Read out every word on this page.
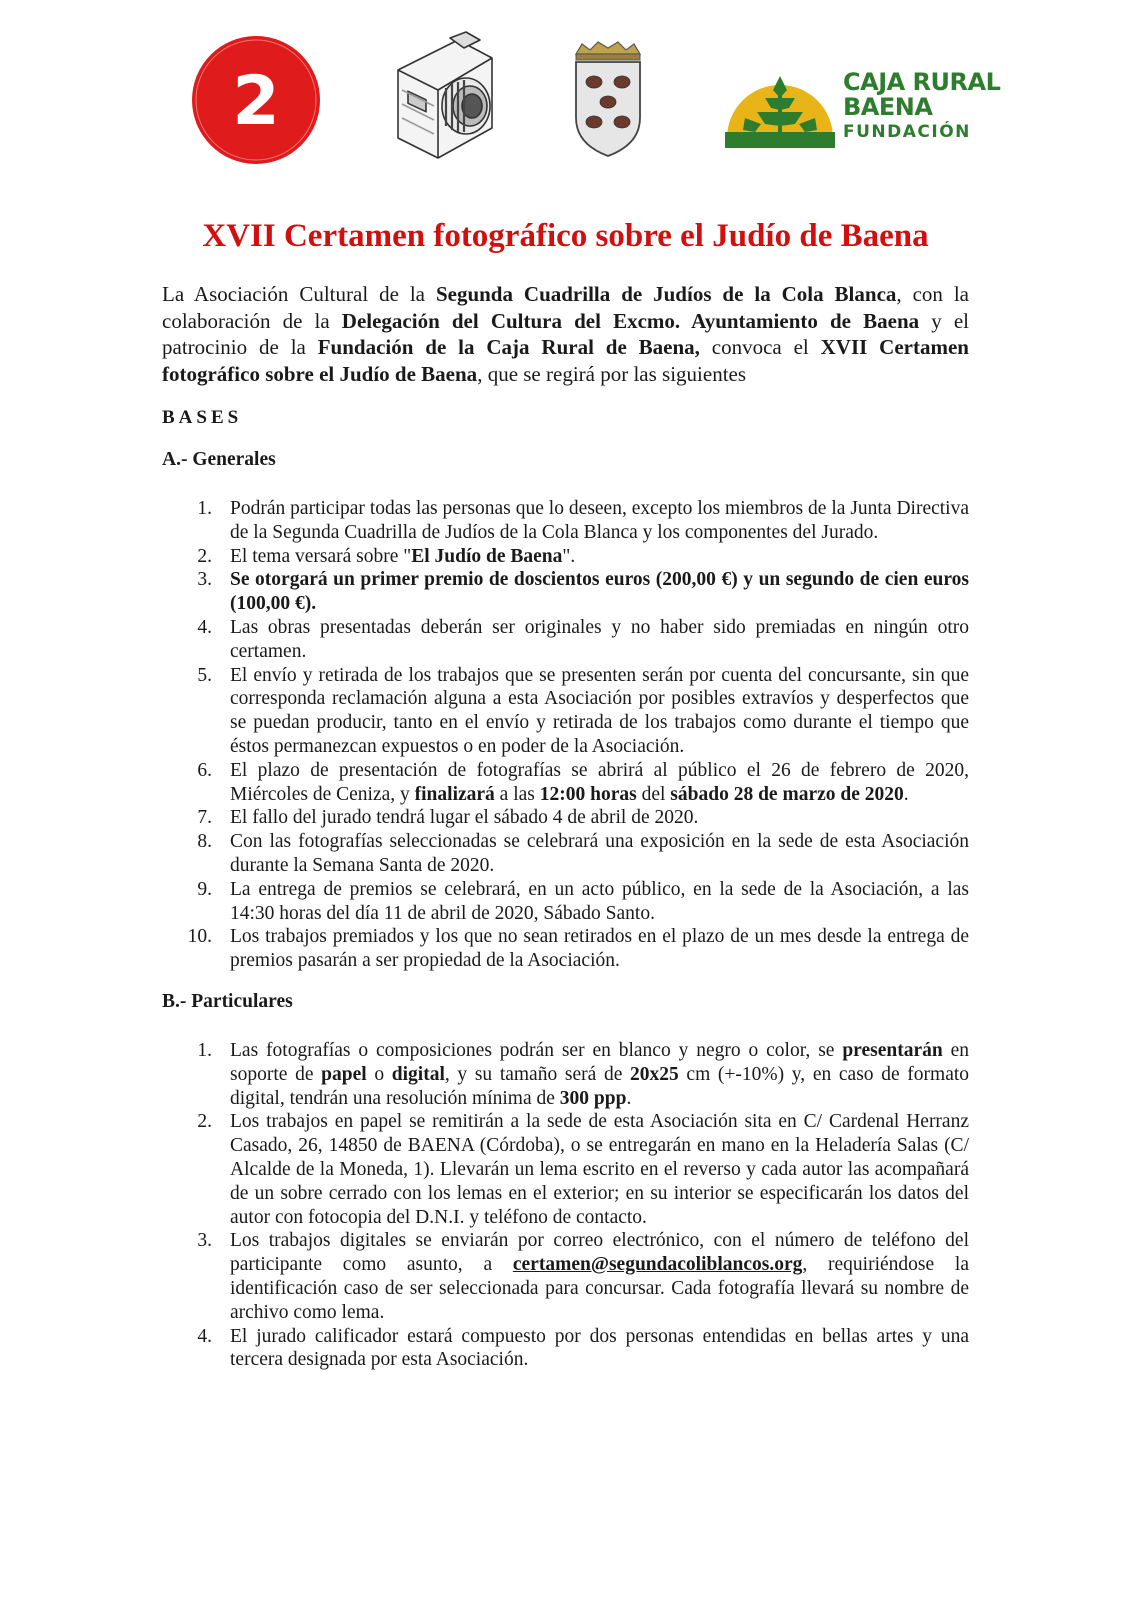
2	CAJA RURAL
BAENA
FUNDACIÓN
XVII Certamen fotográfico sobre el Judío de Baena

La Asociación Cultural de la Segunda Cuadrilla de Judíos de la Cola Blanca, con la colaboración de la Delegación del Cultura del Excmo. Ayuntamiento de Baena y el patrocinio de la Fundación de la Caja Rural de Baena, convoca el XVII Certamen fotográfico sobre el Judío de Baena, que se regirá por las siguientes

BASES

A.- Generales

1. Podrán participar todas las personas que lo deseen, excepto los miembros de la Junta Directiva de la Segunda Cuadrilla de Judíos de la Cola Blanca y los componentes del Jurado.
2. El tema versará sobre "El Judío de Baena".
3. Se otorgará un primer premio de doscientos euros (200,00 €) y un segundo de cien euros (100,00 €).
4. Las obras presentadas deberán ser originales y no haber sido premiadas en ningún otro certamen.
5. El envío y retirada de los trabajos que se presenten serán por cuenta del concursante, sin que corresponda reclamación alguna a esta Asociación por posibles extravíos y desperfectos que se puedan producir, tanto en el envío y retirada de los trabajos como durante el tiempo que éstos permanezcan expuestos o en poder de la Asociación.
6. El plazo de presentación de fotografías se abrirá al público el 26 de febrero de 2020, Miércoles de Ceniza, y finalizará a las 12:00 horas del sábado 28 de marzo de 2020.
7. El fallo del jurado tendrá lugar el sábado 4 de abril de 2020.
8. Con las fotografías seleccionadas se celebrará una exposición en la sede de esta Asociación durante la Semana Santa de 2020.
9. La entrega de premios se celebrará, en un acto público, en la sede de la Asociación, a las 14:30 horas del día 11 de abril de 2020, Sábado Santo.
10. Los trabajos premiados y los que no sean retirados en el plazo de un mes desde la entrega de premios pasarán a ser propiedad de la Asociación.

B.- Particulares

1. Las fotografías o composiciones podrán ser en blanco y negro o color, se presentarán en soporte de papel o digital, y su tamaño será de 20x25 cm (+-10%) y, en caso de formato digital, tendrán una resolución mínima de 300 ppp.
2. Los trabajos en papel se remitirán a la sede de esta Asociación sita en C/ Cardenal Herranz Casado, 26, 14850 de BAENA (Córdoba), o se entregarán en mano en la Heladería Salas (C/ Alcalde de la Moneda, 1). Llevarán un lema escrito en el reverso y cada autor las acompañará de un sobre cerrado con los lemas en el exterior; en su interior se especificarán los datos del autor con fotocopia del D.N.I. y teléfono de contacto.
3. Los trabajos digitales se enviarán por correo electrónico, con el número de teléfono del participante como asunto, a certamen@segundacoliblancos.org, requiriéndose la identificación caso de ser seleccionada para concursar. Cada fotografía llevará su nombre de archivo como lema.
4. El jurado calificador estará compuesto por dos personas entendidas en bellas artes y una tercera designada por esta Asociación.
